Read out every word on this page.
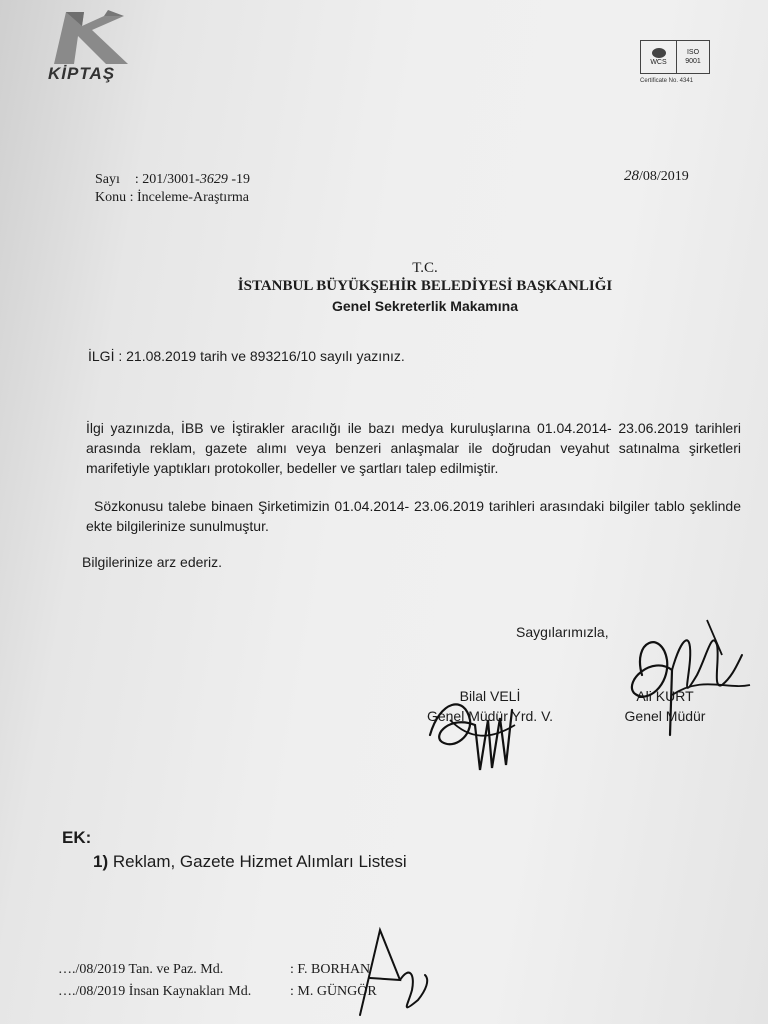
KİPTAŞ
WCS
ISO
9001
Certificate No. 4341
Sayı : 201/3001-3629 -19
Konu : İnceleme-Araştırma
28/08/2019
T.C.
İSTANBUL BÜYÜKŞEHİR BELEDİYESİ BAŞKANLIĞI
Genel Sekreterlik Makamına
İLGİ : 21.08.2019 tarih ve 893216/10 sayılı yazınız.
İlgi yazınızda, İBB ve İştirakler aracılığı ile bazı medya kuruluşlarına 01.04.2014- 23.06.2019 tarihleri arasında reklam, gazete alımı veya benzeri anlaşmalar ile doğrudan veyahut satınalma şirketleri marifetiyle yaptıkları protokoller, bedeller ve şartları talep edilmiştir.
Sözkonusu talebe binaen Şirketimizin 01.04.2014- 23.06.2019 tarihleri arasındaki bilgiler tablo şeklinde ekte bilgilerinize sunulmuştur.
Bilgilerinize arz ederiz.
Saygılarımızla,
Bilal VELİ
Genel Müdür Yrd. V.
Ali KURT
Genel Müdür
EK:
1) Reklam, Gazete Hizmet Alımları Listesi
…./08/2019 Tan. ve Paz. Md.	: F. BORHAN
…./08/2019 İnsan Kaynakları Md.	: M. GÜNGÖR
